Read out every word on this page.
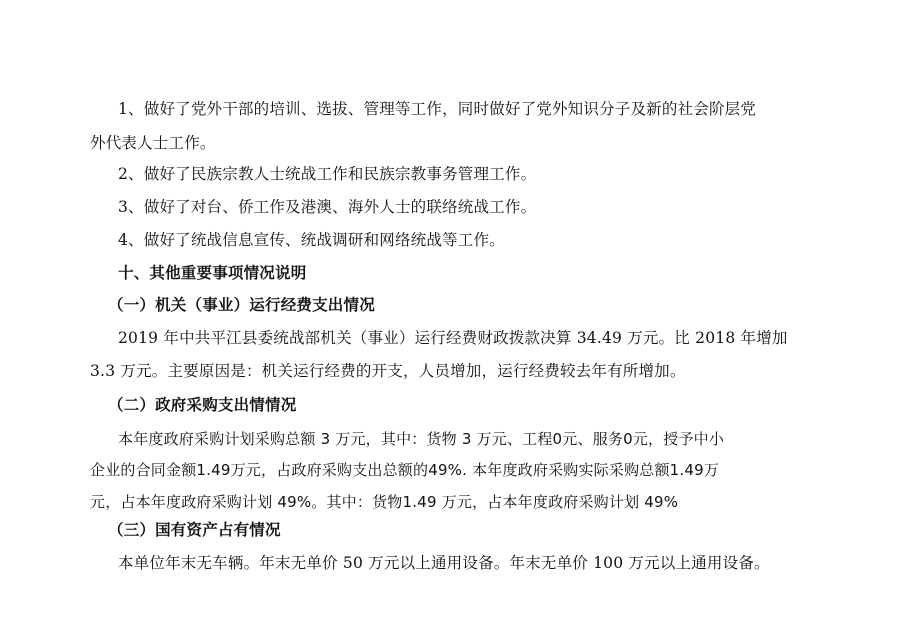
1、做好了党外干部的培训、选拔、管理等工作，同时做好了党外知识分子及新的社会阶层党
外代表人士工作。
2、做好了民族宗教人士统战工作和民族宗教事务管理工作。
3、做好了对台、侨工作及港澳、海外人士的联络统战工作。
4、做好了统战信息宣传、统战调研和网络统战等工作。
十、其他重要事项情况说明
（一）机关（事业）运行经费支出情况
2019 年中共平江县委统战部机关（事业）运行经费财政拨款决算 34.49 万元。比 2018 年增加
3.3 万元。主要原因是：机关运行经费的开支，人员增加，运行经费较去年有所增加。
（二）政府采购支出情情况
本年度政府采购计划采购总额 3 万元，其中：货物 3 万元、工程0元、服务0元，授予中小
企业的合同金额1.49万元，占政府采购支出总额的49%. 本年度政府采购实际采购总额1.49万
元，占本年度政府采购计划 49%。其中：货物1.49 万元，占本年度政府采购计划 49%
（三）国有资产占有情况
本单位年末无车辆。年末无单价 50 万元以上通用设备。年末无单价 100 万元以上通用设备。
